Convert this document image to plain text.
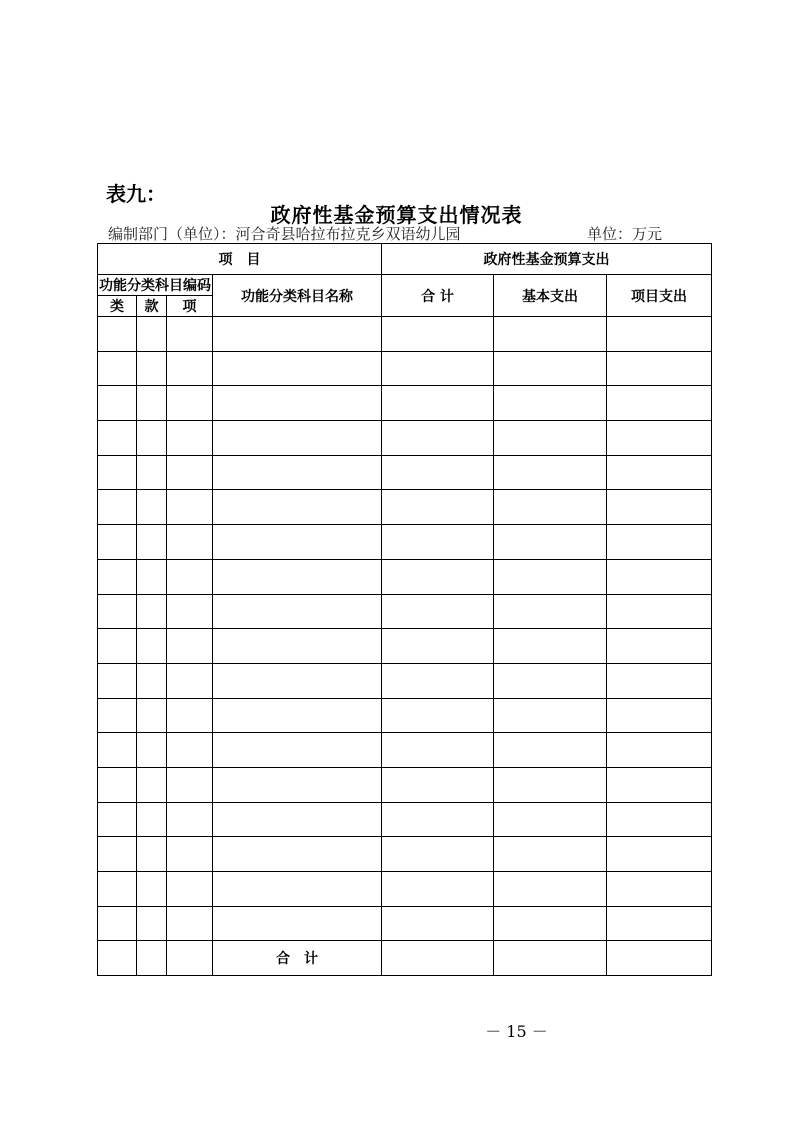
表九：
政府性基金预算支出情况表
编制部门（单位）：河合奇县哈拉布拉克乡双语幼儿园	单位：万元
项　目				政府性基金预算支出		
功能分类科目编码			功能分类科目名称	合 计	基本支出	项目支出
类	款	项				

			合　计			
－ 15 －
